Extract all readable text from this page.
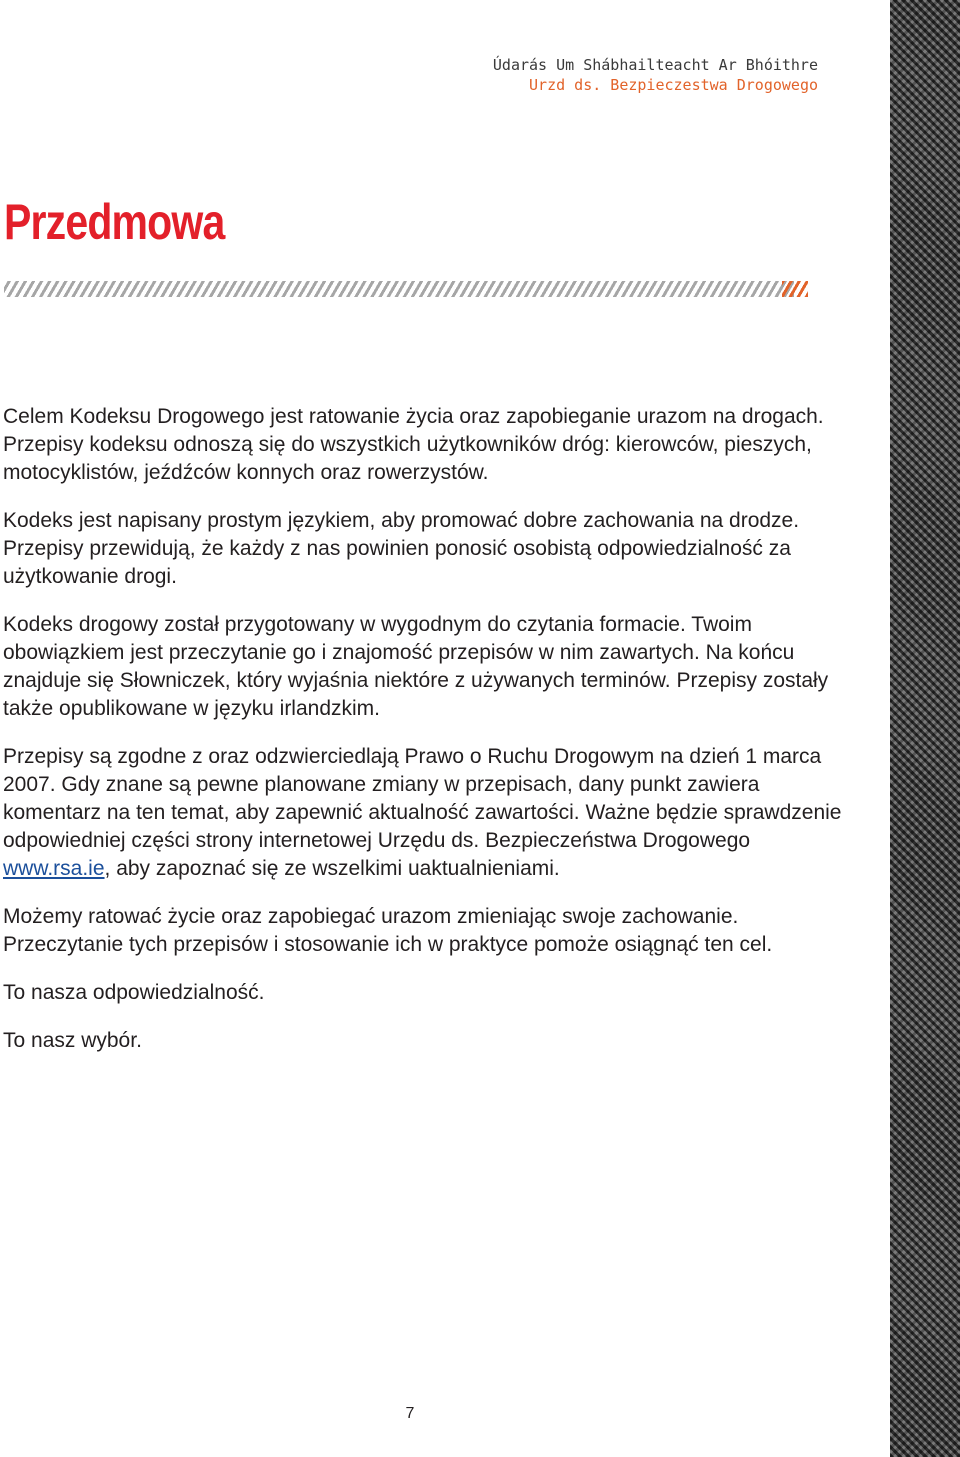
Údarás Um Shábhailteacht Ar Bhóithre
Urzd ds. Bezpieczestwa Drogowego
Przedmowa

Celem Kodeksu Drogowego jest ratowanie życia oraz zapobieganie urazom na drogach. Przepisy kodeksu odnoszą się do wszystkich użytkowników dróg: kierowców, pieszych, motocyklistów, jeźdźców konnych oraz rowerzystów.

Kodeks jest napisany prostym językiem, aby promować dobre zachowania na drodze. Przepisy przewidują, że każdy z nas powinien ponosić osobistą odpowiedzialność za użytkowanie drogi.

Kodeks drogowy został przygotowany w wygodnym do czytania formacie. Twoim obowiązkiem jest przeczytanie go i znajomość przepisów w nim zawartych. Na końcu znajduje się Słowniczek, który wyjaśnia niektóre z używanych terminów. Przepisy zostały także opublikowane w języku irlandzkim.

Przepisy są zgodne z oraz odzwierciedlają Prawo o Ruchu Drogowym na dzień 1 marca 2007. Gdy znane są pewne planowane zmiany w przepisach, dany punkt zawiera komentarz na ten temat, aby zapewnić aktualność zawartości. Ważne będzie sprawdzenie odpowiedniej części strony internetowej Urzędu ds. Bezpieczeństwa Drogowego www.rsa.ie, aby zapoznać się ze wszelkimi uaktualnieniami.

Możemy ratować życie oraz zapobiegać urazom zmieniając swoje zachowanie. Przeczytanie tych przepisów i stosowanie ich w praktyce pomoże osiągnąć ten cel.

To nasza odpowiedzialność.

To nasz wybór.

7
